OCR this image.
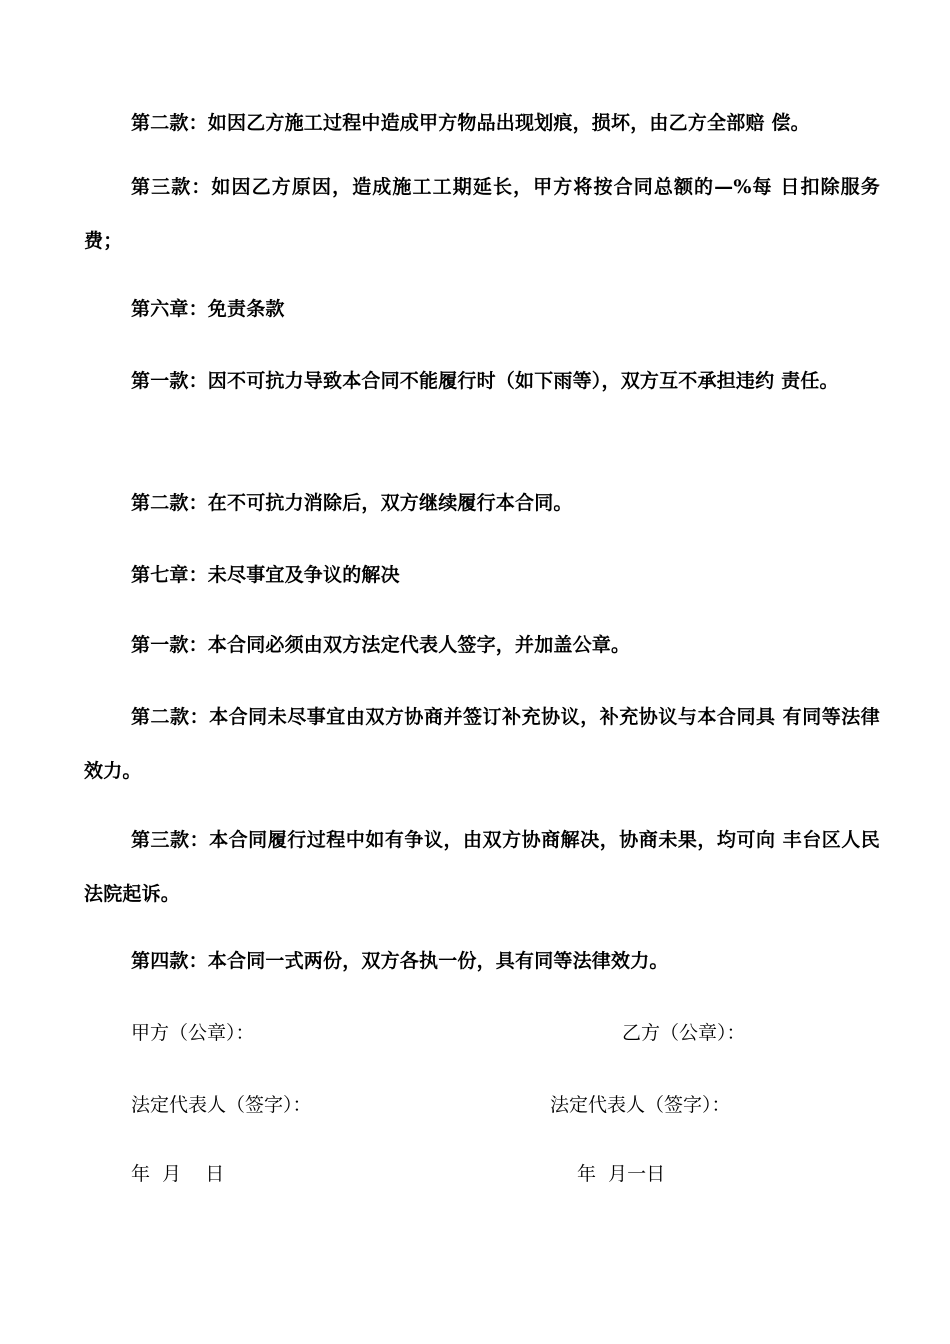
第二款：如因乙方施工过程中造成甲方物品出现划痕，损坏，由乙方全部赔 偿。

第三款：如因乙方原因，造成施工工期延长，甲方将按合同总额的—%每 日扣除服务费；

第六章：免责条款

第一款：因不可抗力导致本合同不能履行时（如下雨等），双方互不承担违约 责任。

第二款：在不可抗力消除后，双方继续履行本合同。

第七章：未尽事宜及争议的解决

第一款：本合同必须由双方法定代表人签字，并加盖公章。

第二款：本合同未尽事宜由双方协商并签订补充协议，补充协议与本合同具 有同等法律效力。

第三款：本合同履行过程中如有争议，由双方协商解决，协商未果，均可向 丰台区人民法院起诉。

第四款：本合同一式两份，双方各执一份，具有同等法律效力。

甲方（公章）：	乙方（公章）：
法定代表人（签字）：	法定代表人（签字）：
年  月    日	年  月一日
